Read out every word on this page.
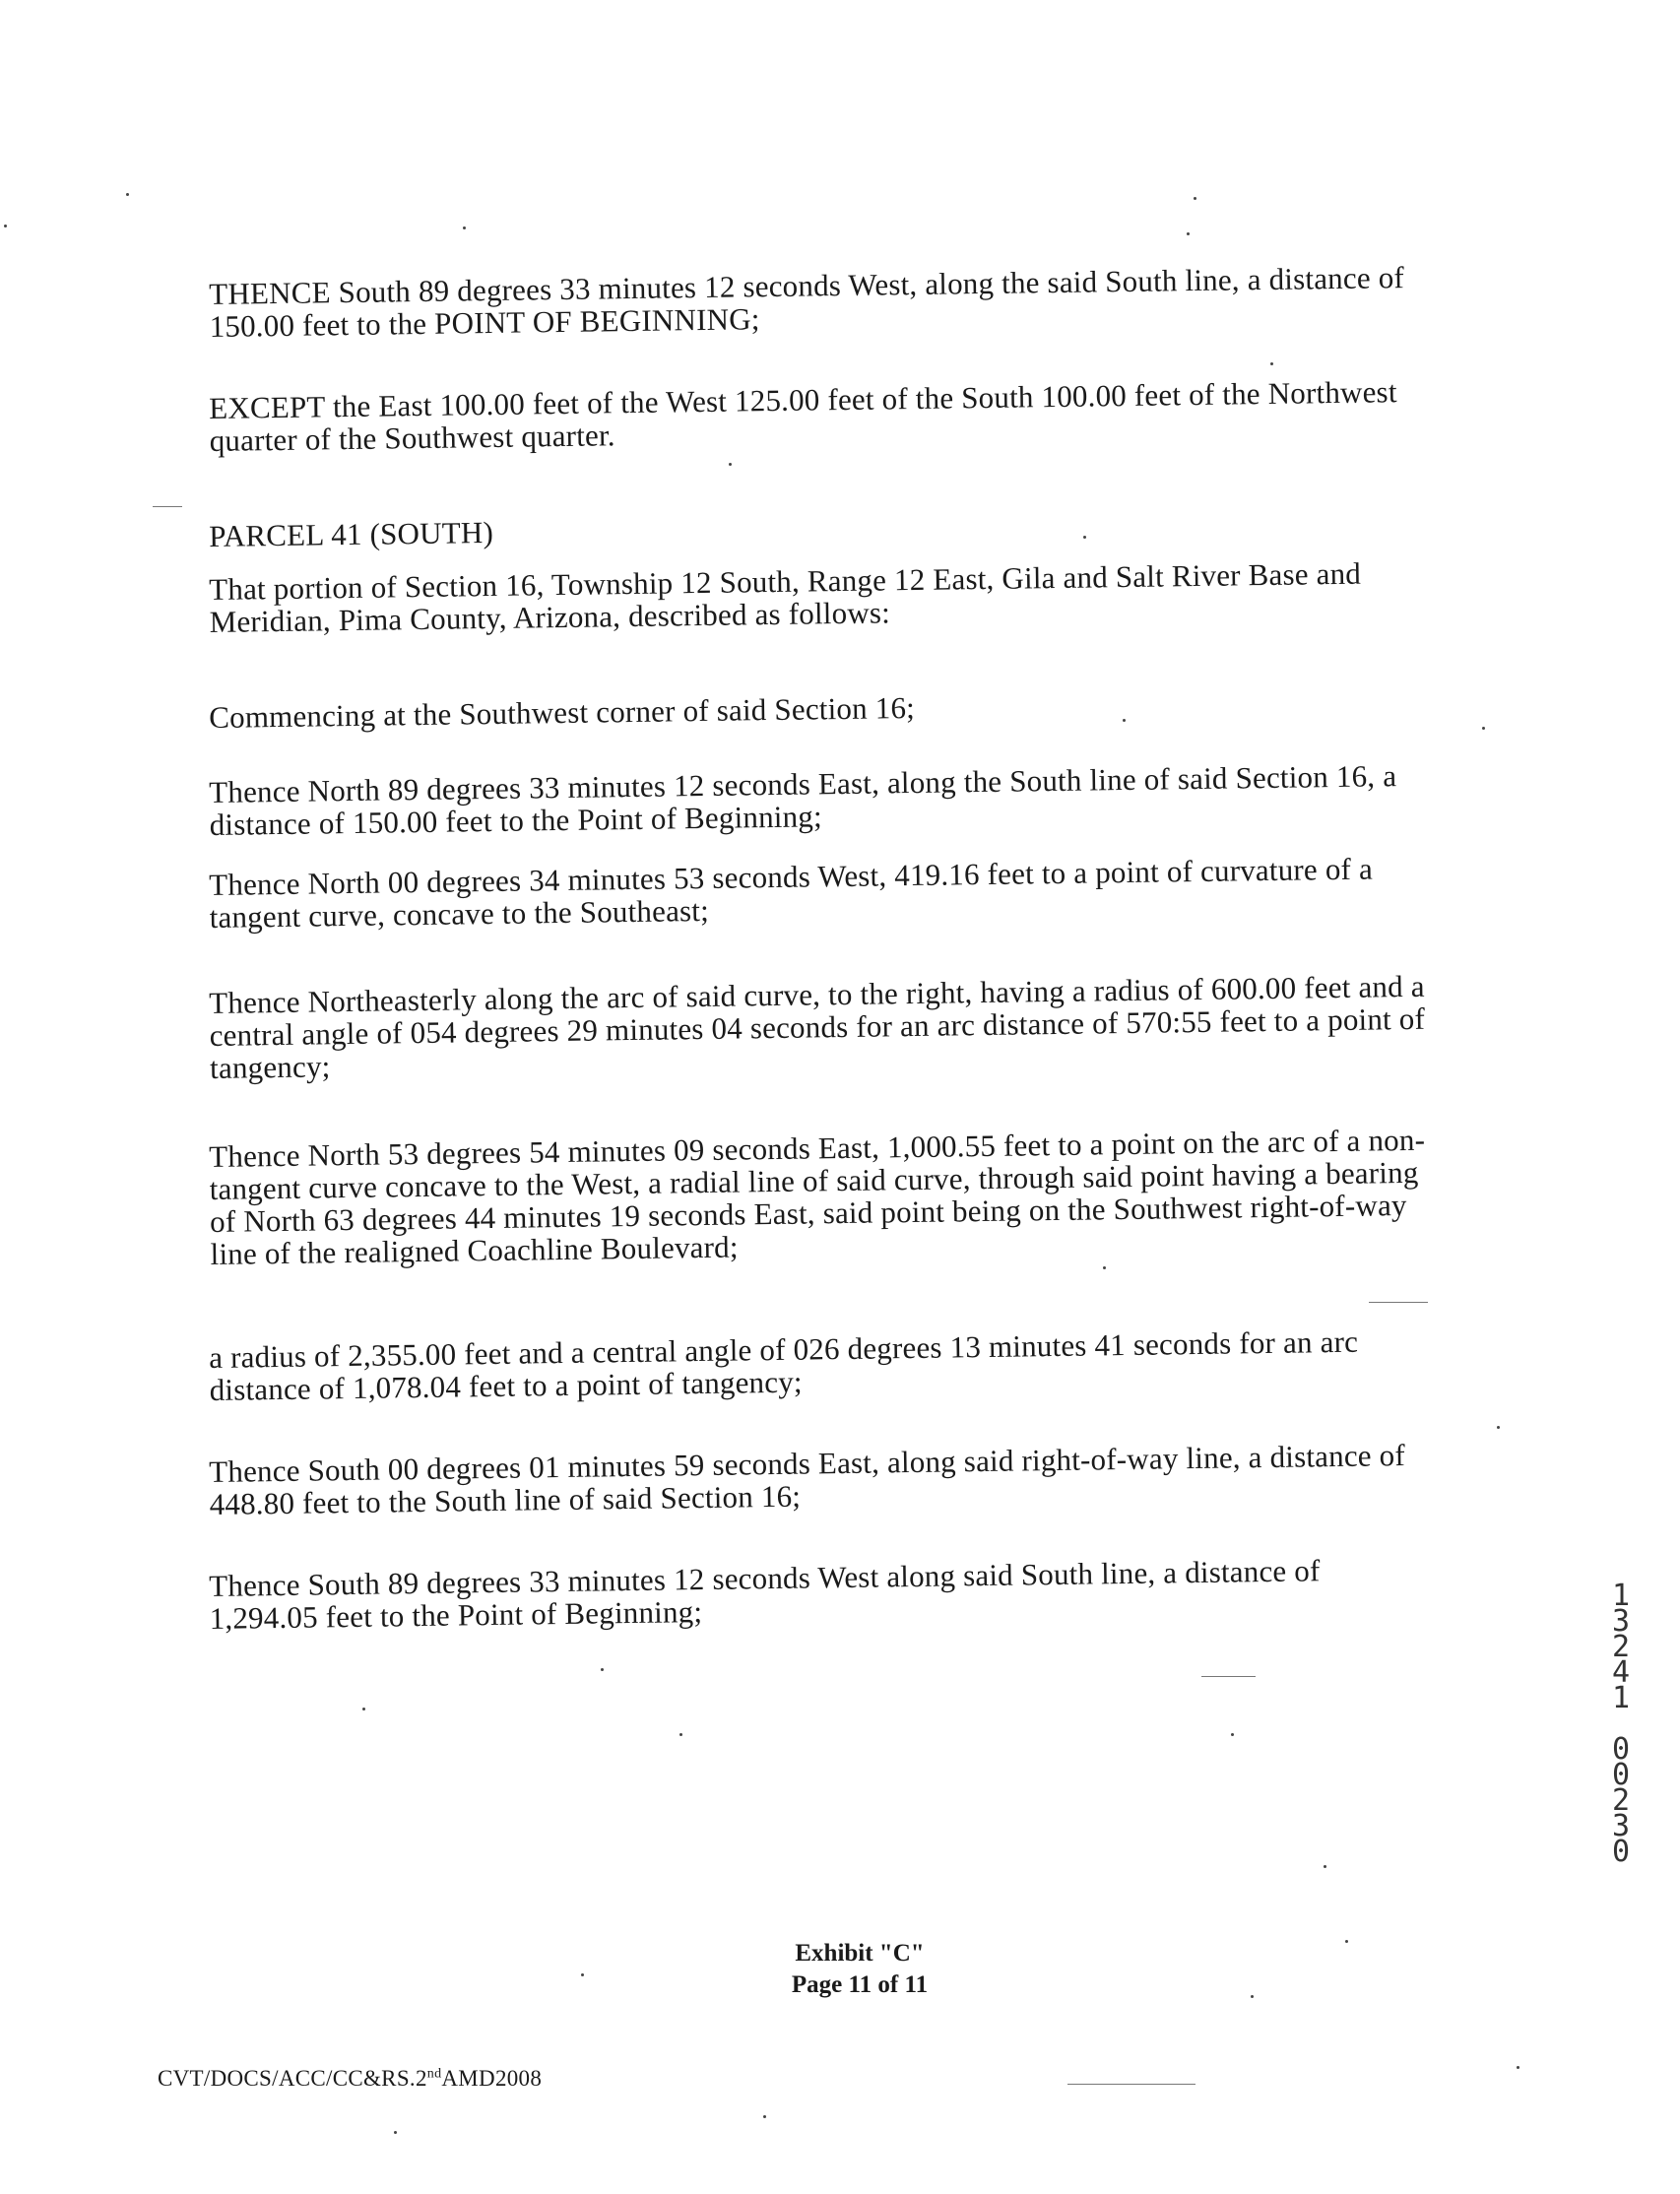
THENCE South 89 degrees 33 minutes 12 seconds West, along the said South line, a distance of 150.00 feet to the POINT OF BEGINNING;

EXCEPT the East 100.00 feet of the West 125.00 feet of the South 100.00 feet of the Northwest quarter of the Southwest quarter.

PARCEL 41 (SOUTH)

That portion of Section 16, Township 12 South, Range 12 East, Gila and Salt River Base and Meridian, Pima County, Arizona, described as follows:

Commencing at the Southwest corner of said Section 16;

Thence North 89 degrees 33 minutes 12 seconds East, along the South line of said Section 16, a distance of 150.00 feet to the Point of Beginning;

Thence North 00 degrees 34 minutes 53 seconds West, 419.16 feet to a point of curvature of a tangent curve, concave to the Southeast;

Thence Northeasterly along the arc of said curve, to the right, having a radius of 600.00 feet and a central angle of 054 degrees 29 minutes 04 seconds for an arc distance of 570:55 feet to a point of tangency;

Thence North 53 degrees 54 minutes 09 seconds East, 1,000.55 feet to a point on the arc of a non-tangent curve concave to the West, a radial line of said curve, through said point having a bearing of North 63 degrees 44 minutes 19 seconds East, said point being on the Southwest right-of-way line of the realigned Coachline Boulevard;

a radius of 2,355.00 feet and a central angle of 026 degrees 13 minutes 41 seconds for an arc distance of 1,078.04 feet to a point of tangency;

Thence South 00 degrees 01 minutes 59 seconds East, along said right-of-way line, a distance of 448.80 feet to the South line of said Section 16;

Thence South 89 degrees 33 minutes 12 seconds West along said South line, a distance of 1,294.05 feet to the Point of Beginning;

Exhibit "C"
Page 11 of 11
CVT/DOCS/ACC/CC&RS.2ndAMD2008
1
3
2
4
1

0
0
2
3
0
